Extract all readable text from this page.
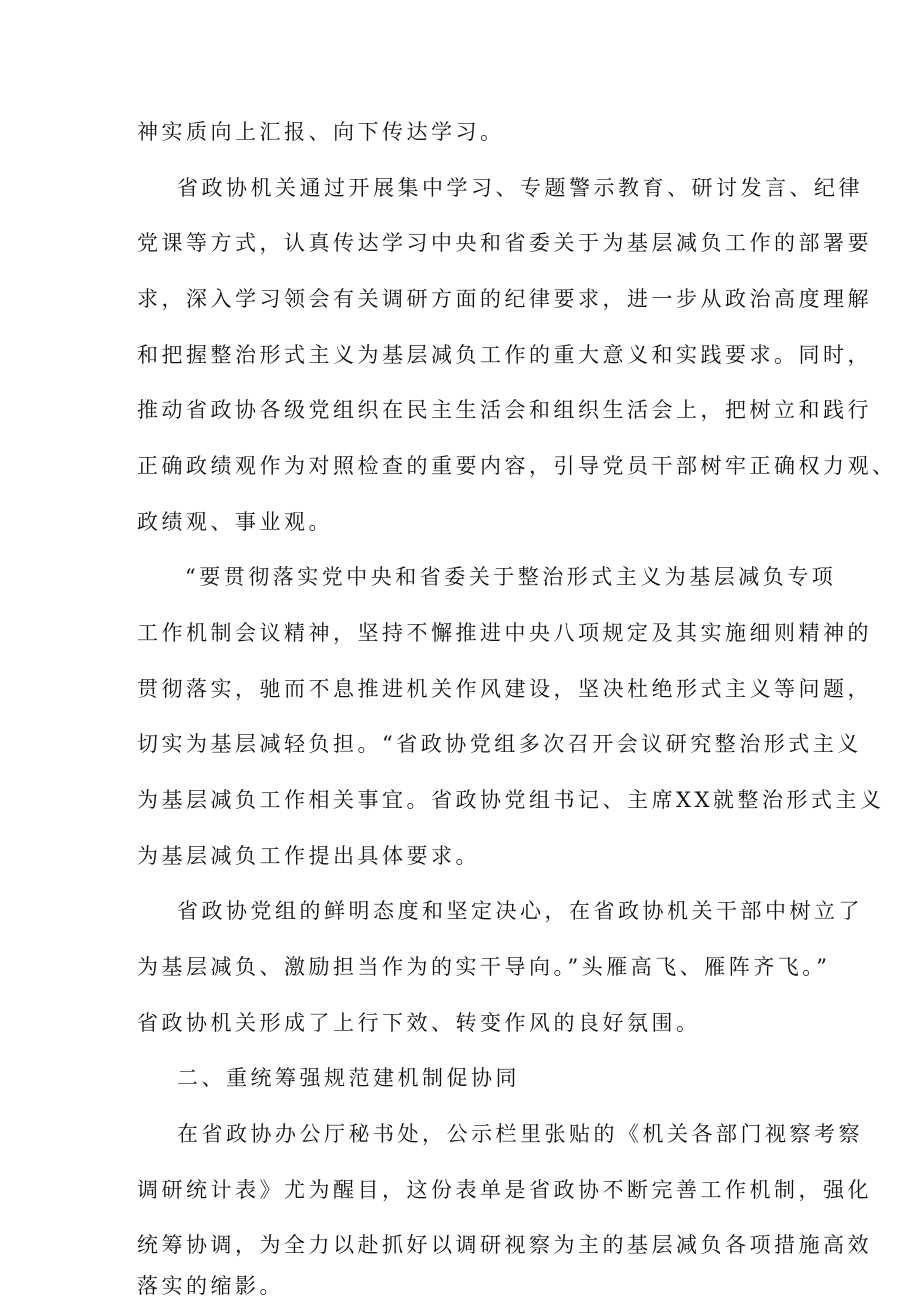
神实质向上汇报、向下传达学习。
省政协机关通过开展集中学习、专题警示教育、研讨发言、纪律
党课等方式，认真传达学习中央和省委关于为基层减负工作的部署要
求，深入学习领会有关调研方面的纪律要求，进一步从政治高度理解
和把握整治形式主义为基层减负工作的重大意义和实践要求。同时，
推动省政协各级党组织在民主生活会和组织生活会上，把树立和践行
正确政绩观作为对照检查的重要内容，引导党员干部树牢正确权力观、
政绩观、事业观。
“要贯彻落实党中央和省委关于整治形式主义为基层减负专项
工作机制会议精神，坚持不懈推进中央八项规定及其实施细则精神的
贯彻落实，驰而不息推进机关作风建设，坚决杜绝形式主义等问题，
切实为基层减轻负担。“省政协党组多次召开会议研究整治形式主义
为基层减负工作相关事宜。省政协党组书记、主席XX就整治形式主义
为基层减负工作提出具体要求。
省政协党组的鲜明态度和坚定决心，在省政协机关干部中树立了
为基层减负、激励担当作为的实干导向。”头雁高飞、雁阵齐飞。”
省政协机关形成了上行下效、转变作风的良好氛围。
二、重统筹强规范建机制促协同
在省政协办公厅秘书处，公示栏里张贴的《机关各部门视察考察
调研统计表》尤为醒目，这份表单是省政协不断完善工作机制，强化
统筹协调，为全力以赴抓好以调研视察为主的基层减负各项措施高效
落实的缩影。
